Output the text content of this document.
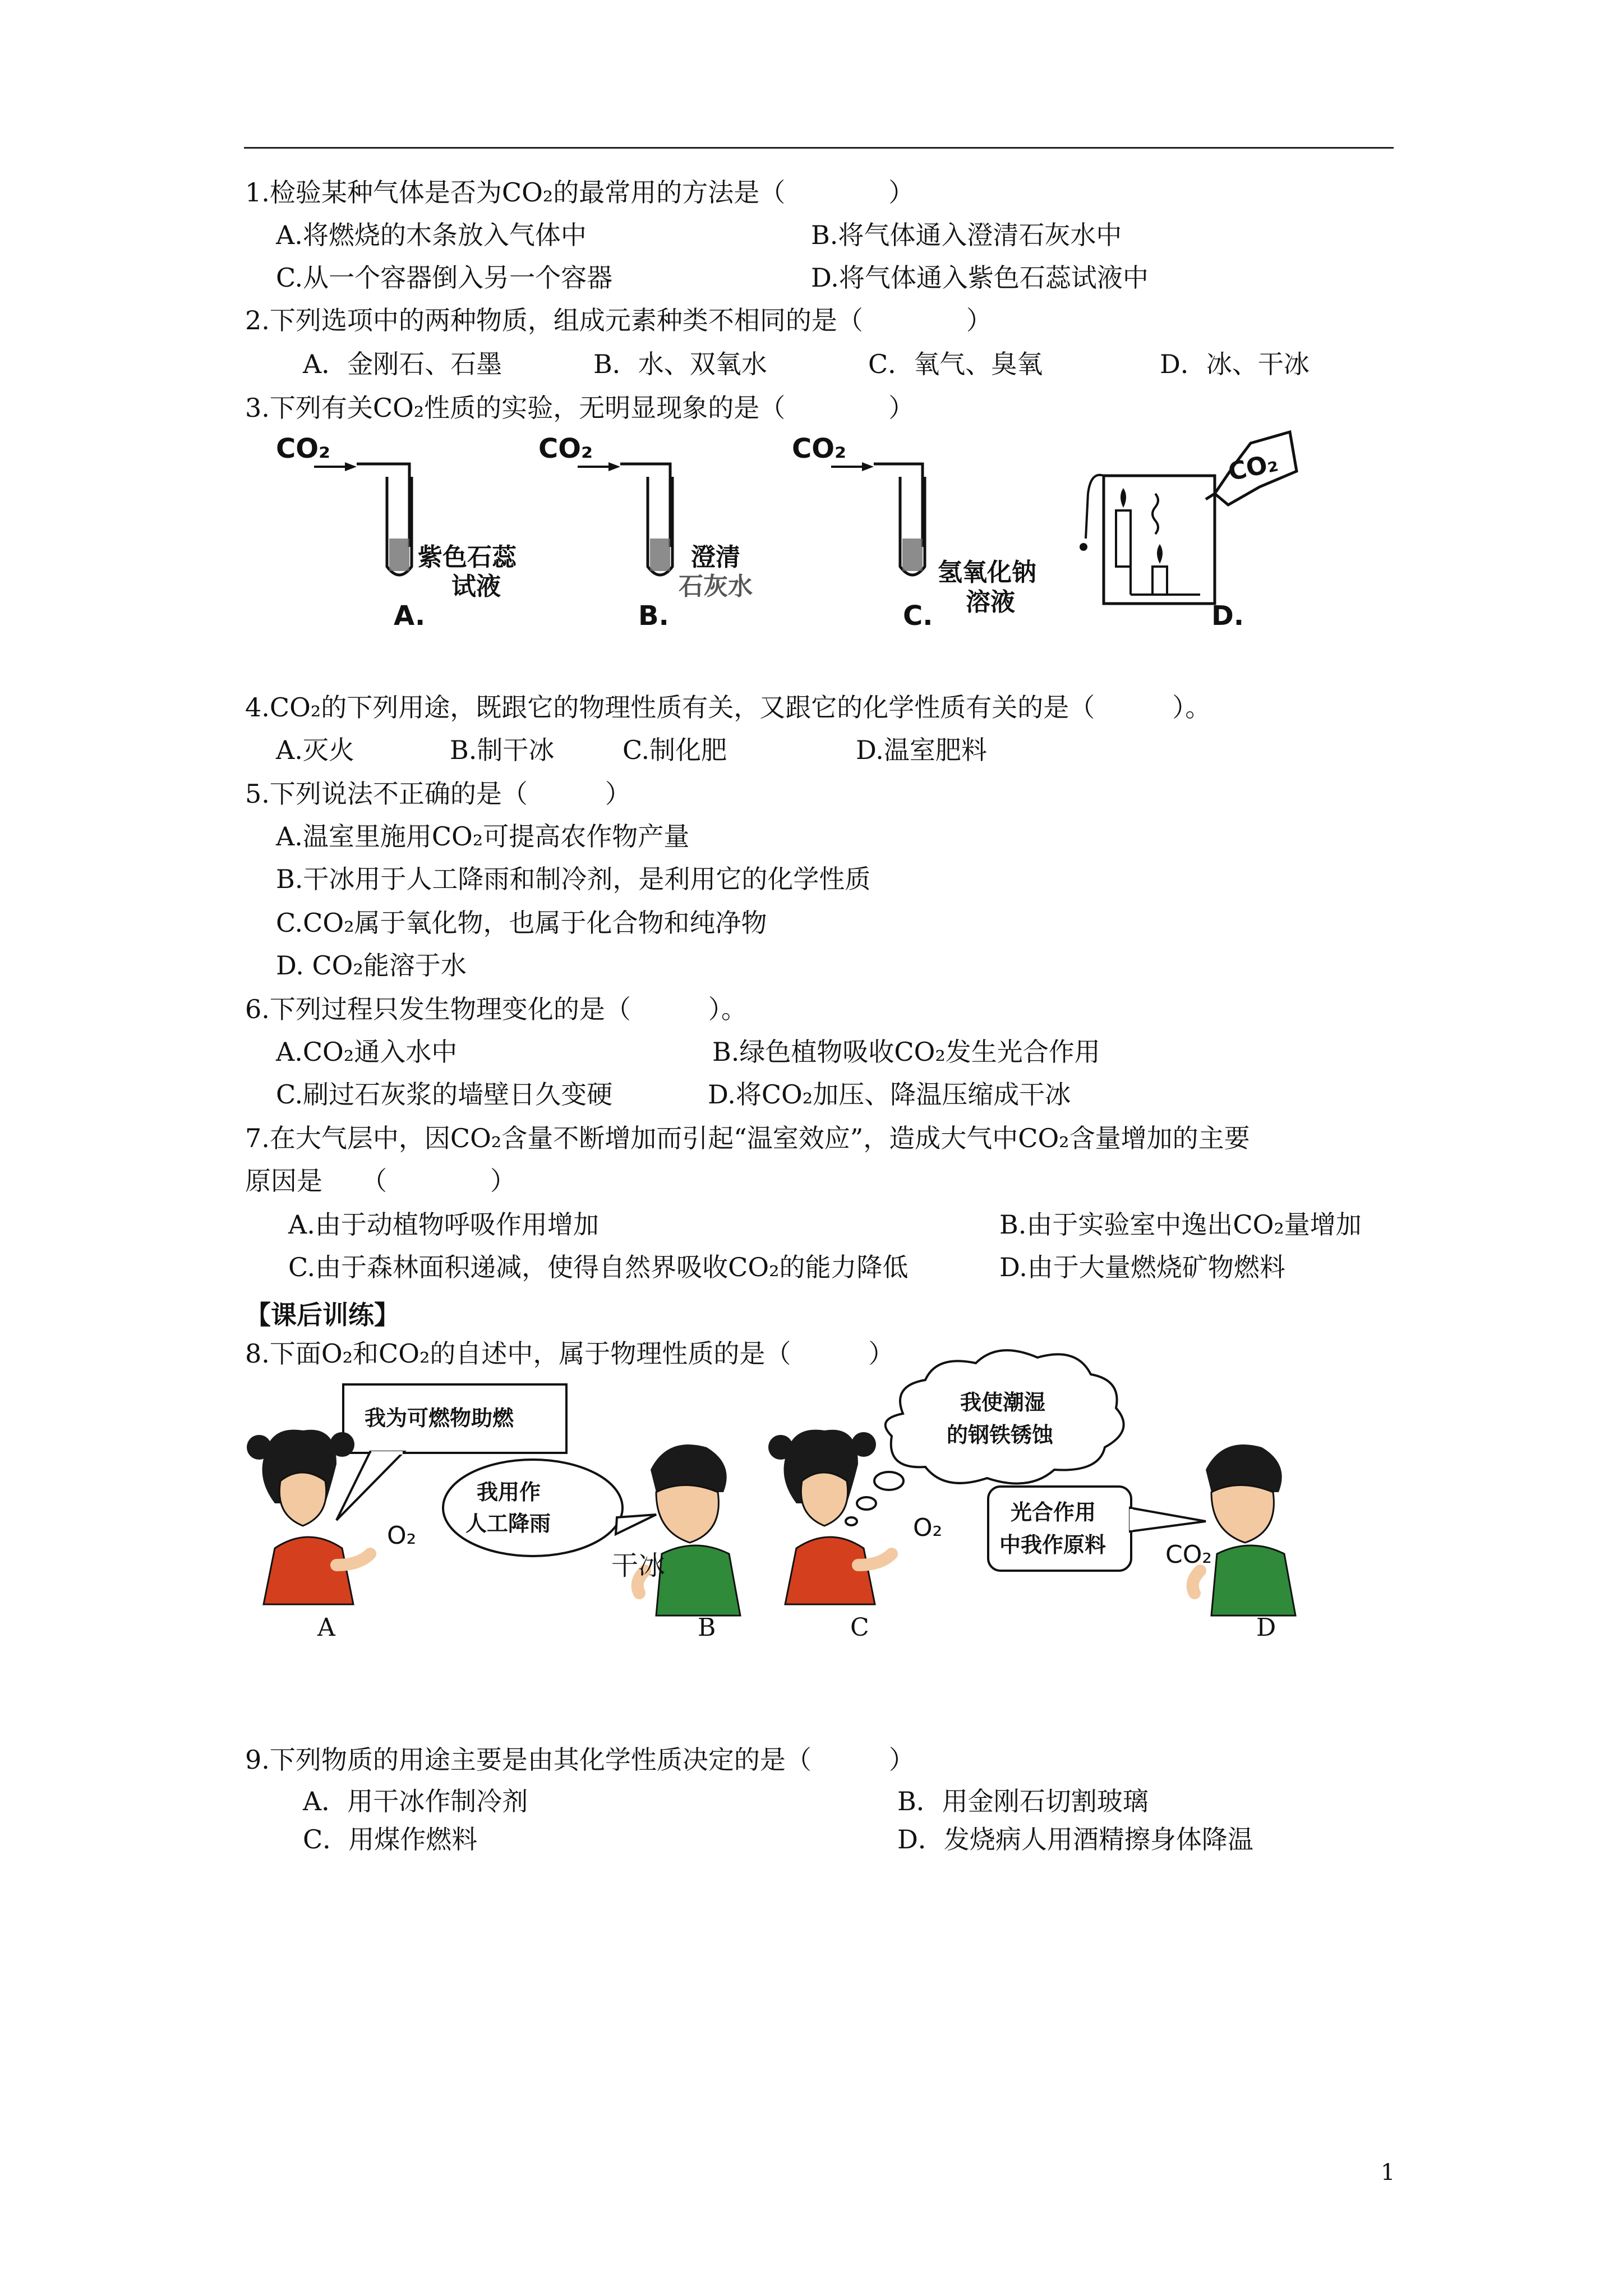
1.检验某种气体是否为CO₂的最常用的方法是（　　　　）
A.将燃烧的木条放入气体中	B.将气体通入澄清石灰水中
C.从一个容器倒入另一个容器	D.将气体通入紫色石蕊试液中
2.下列选项中的两种物质，组成元素种类不相同的是（　　　　）
A．金刚石、石墨	B．水、双氧水	C．氧气、臭氧	D．冰、干冰
3.下列有关CO₂性质的实验，无明显现象的是（　　　　）
CO₂
紫色石蕊
试液
A.
CO₂
澄清
石灰水
B.
CO₂
氢氧化钠
溶液
C.
CO₂
D.
4.CO₂的下列用途，既跟它的物理性质有关，又跟它的化学性质有关的是（　　　）。
A.灭火	B.制干冰	C.制化肥	D.温室肥料
5.下列说法不正确的是（　　　）
A.温室里施用CO₂可提高农作物产量
B.干冰用于人工降雨和制冷剂，是利用它的化学性质
C.CO₂属于氧化物，也属于化合物和纯净物
D. CO₂能溶于水
6.下列过程只发生物理变化的是（　　　）。
A.CO₂通入水中	B.绿色植物吸收CO₂发生光合作用
C.刷过石灰浆的墙壁日久变硬	D.将CO₂加压、降温压缩成干冰
7.在大气层中，因CO₂含量不断增加而引起“温室效应”，造成大气中CO₂含量增加的主要
原因是　　（　　　　）
A.由于动植物呼吸作用增加	B.由于实验室中逸出CO₂量增加
C.由于森林面积递减，使得自然界吸收CO₂的能力降低	D.由于大量燃烧矿物燃料
【课后训练】
8.下面O₂和CO₂的自述中，属于物理性质的是（　　　）
我为可燃物助燃
我用作
人工降雨
我使潮湿
的钢铁锈蚀
光合作用
中我作原料
O₂
干冰
O₂
CO₂
A	B	C	D
9.下列物质的用途主要是由其化学性质决定的是（　　　）
A．用干冰作制冷剂	B．用金刚石切割玻璃
C．用煤作燃料	D．发烧病人用酒精擦身体降温
1
